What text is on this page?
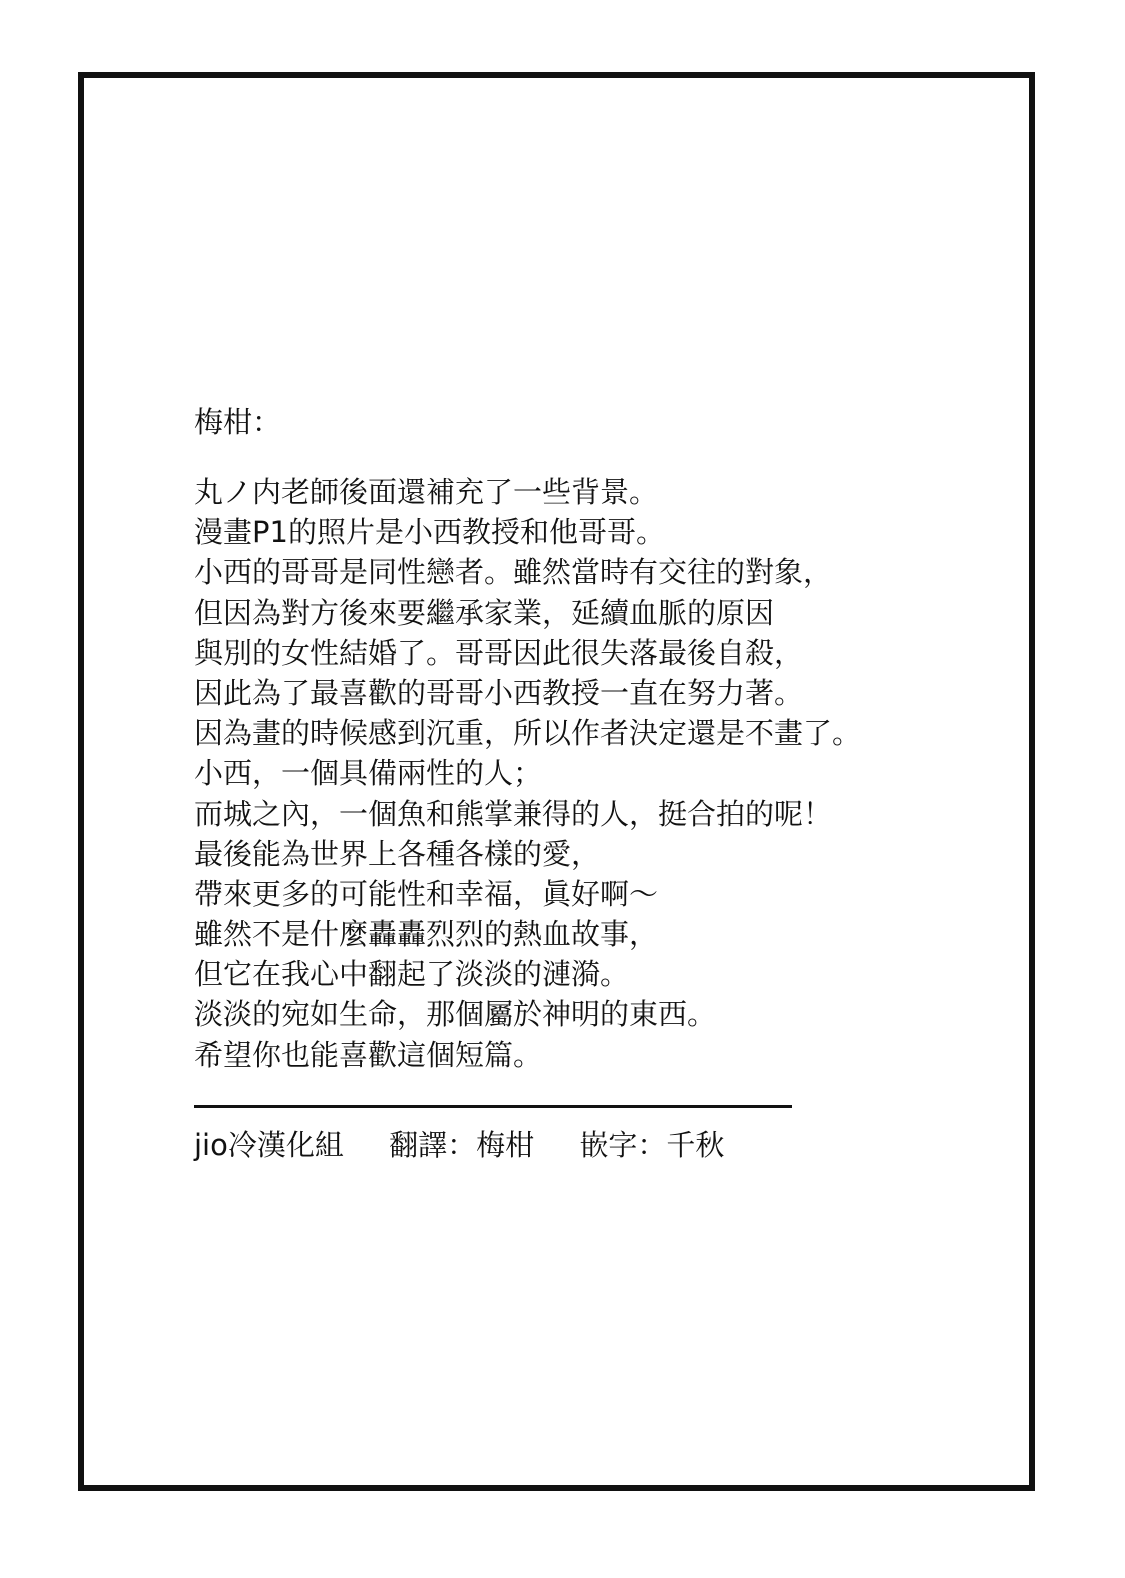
梅柑：
丸ノ内老師後面還補充了一些背景。
漫畫P1的照片是小西教授和他哥哥。
小西的哥哥是同性戀者。雖然當時有交往的對象，
但因為對方後來要繼承家業，延續血脈的原因
與別的女性結婚了。哥哥因此很失落最後自殺，
因此為了最喜歡的哥哥小西教授一直在努力著。
因為畫的時候感到沉重，所以作者決定還是不畫了。
小西，一個具備兩性的人；
而城之內，一個魚和熊掌兼得的人，挺合拍的呢！
最後能為世界上各種各樣的愛，
帶來更多的可能性和幸福，眞好啊～
雖然不是什麼轟轟烈烈的熱血故事，
但它在我心中翻起了淡淡的漣漪。
淡淡的宛如生命，那個屬於神明的東西。
希望你也能喜歡這個短篇。
jio冷漢化組 翻譯：梅柑 嵌字：千秋
